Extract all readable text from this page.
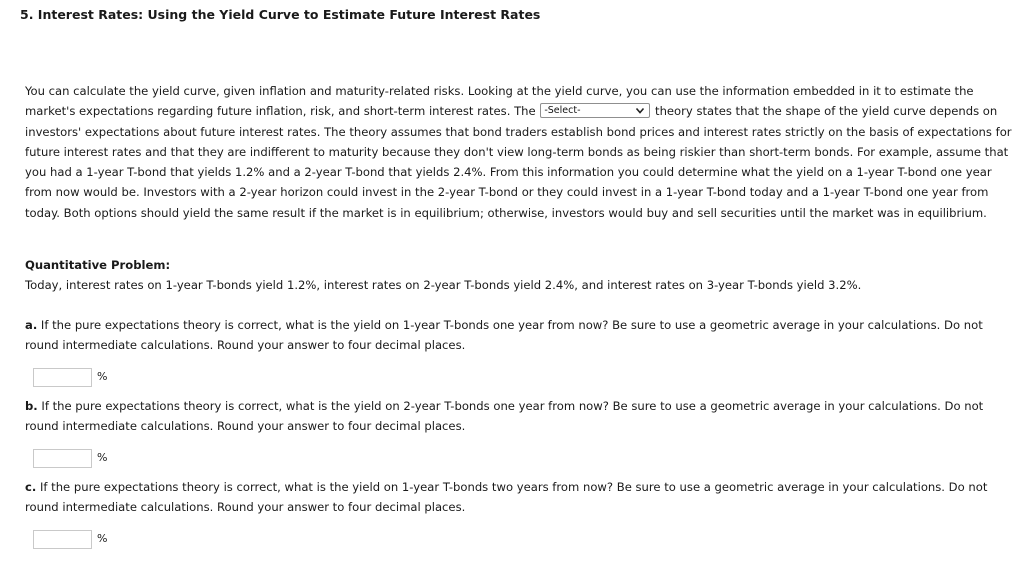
5. Interest Rates: Using the Yield Curve to Estimate Future Interest Rates
You can calculate the yield curve, given inflation and maturity-related risks. Looking at the yield curve, you can use the information embedded in it to estimate the market's expectations regarding future inflation, risk, and short-term interest rates. The -Select-	theory states that the shape of the yield curve depends on investors' expectations about future interest rates. The theory assumes that bond traders establish bond prices and interest rates strictly on the basis of expectations for future interest rates and that they are indifferent to maturity because they don't view long-term bonds as being riskier than short-term bonds. For example, assume that you had a 1-year T-bond that yields 1.2% and a 2-year T-bond that yields 2.4%. From this information you could determine what the yield on a 1-year T-bond one year from now would be. Investors with a 2-year horizon could invest in the 2-year T-bond or they could invest in a 1-year T-bond today and a 1-year T-bond one year from today. Both options should yield the same result if the market is in equilibrium; otherwise, investors would buy and sell securities until the market was in equilibrium.
Quantitative Problem:
Today, interest rates on 1-year T-bonds yield 1.2%, interest rates on 2-year T-bonds yield 2.4%, and interest rates on 3-year T-bonds yield 3.2%.
a. If the pure expectations theory is correct, what is the yield on 1-year T-bonds one year from now? Be sure to use a geometric average in your calculations. Do not round intermediate calculations. Round your answer to four decimal places.
%
b. If the pure expectations theory is correct, what is the yield on 2-year T-bonds one year from now? Be sure to use a geometric average in your calculations. Do not round intermediate calculations. Round your answer to four decimal places.
%
c. If the pure expectations theory is correct, what is the yield on 1-year T-bonds two years from now? Be sure to use a geometric average in your calculations. Do not round intermediate calculations. Round your answer to four decimal places.
%
